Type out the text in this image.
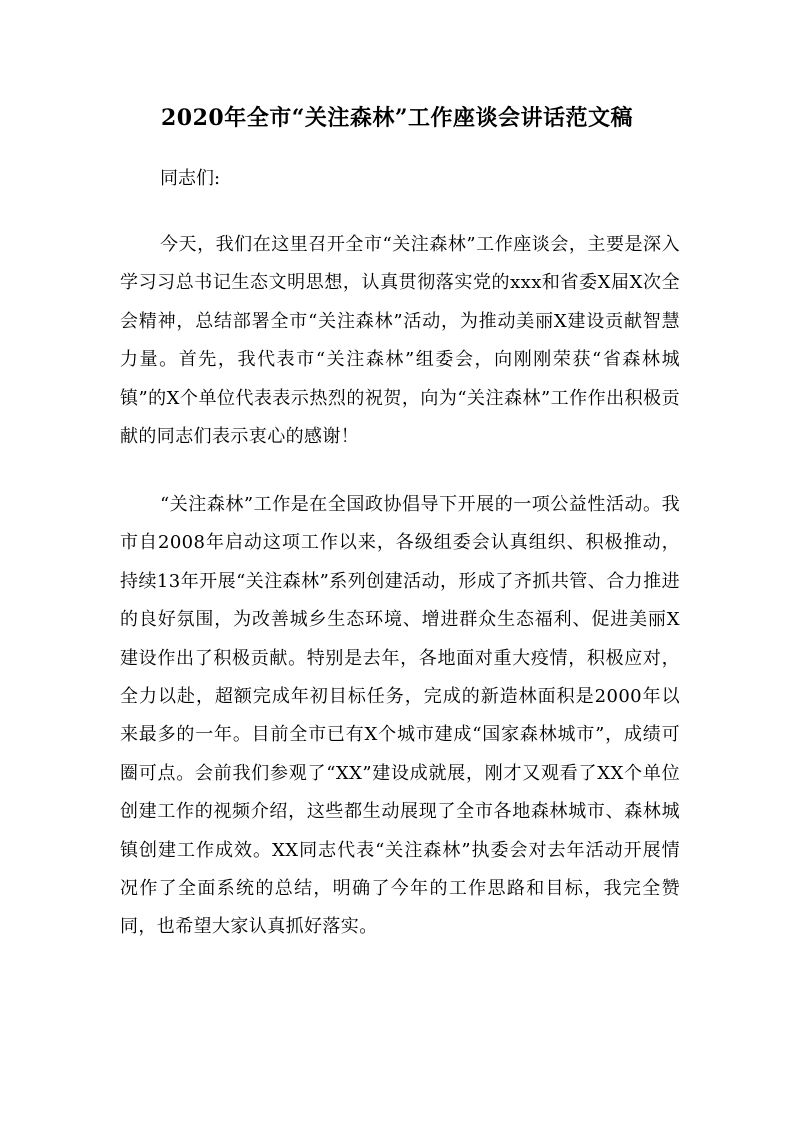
2020年全市“关注森林”工作座谈会讲话范文稿

同志们:

今天，我们在这里召开全市“关注森林”工作座谈会，主要是深入学习习总书记生态文明思想，认真贯彻落实党的xxx和省委X届X次全会精神，总结部署全市“关注森林”活动，为推动美丽X建设贡献智慧力量。首先，我代表市“关注森林”组委会，向刚刚荣获“省森林城镇”的X个单位代表表示热烈的祝贺，向为“关注森林”工作作出积极贡献的同志们表示衷心的感谢！

“关注森林”工作是在全国政协倡导下开展的一项公益性活动。我市自2008年启动这项工作以来，各级组委会认真组织、积极推动，持续13年开展“关注森林”系列创建活动，形成了齐抓共管、合力推进的良好氛围，为改善城乡生态环境、增进群众生态福利、促进美丽X建设作出了积极贡献。特别是去年，各地面对重大疫情，积极应对，全力以赴，超额完成年初目标任务，完成的新造林面积是2000年以来最多的一年。目前全市已有X个城市建成“国家森林城市”，成绩可圈可点。会前我们参观了“XX”建设成就展，刚才又观看了XX个单位创建工作的视频介绍，这些都生动展现了全市各地森林城市、森林城镇创建工作成效。XX同志代表“关注森林”执委会对去年活动开展情况作了全面系统的总结，明确了今年的工作思路和目标，我完全赞同，也希望大家认真抓好落实。
